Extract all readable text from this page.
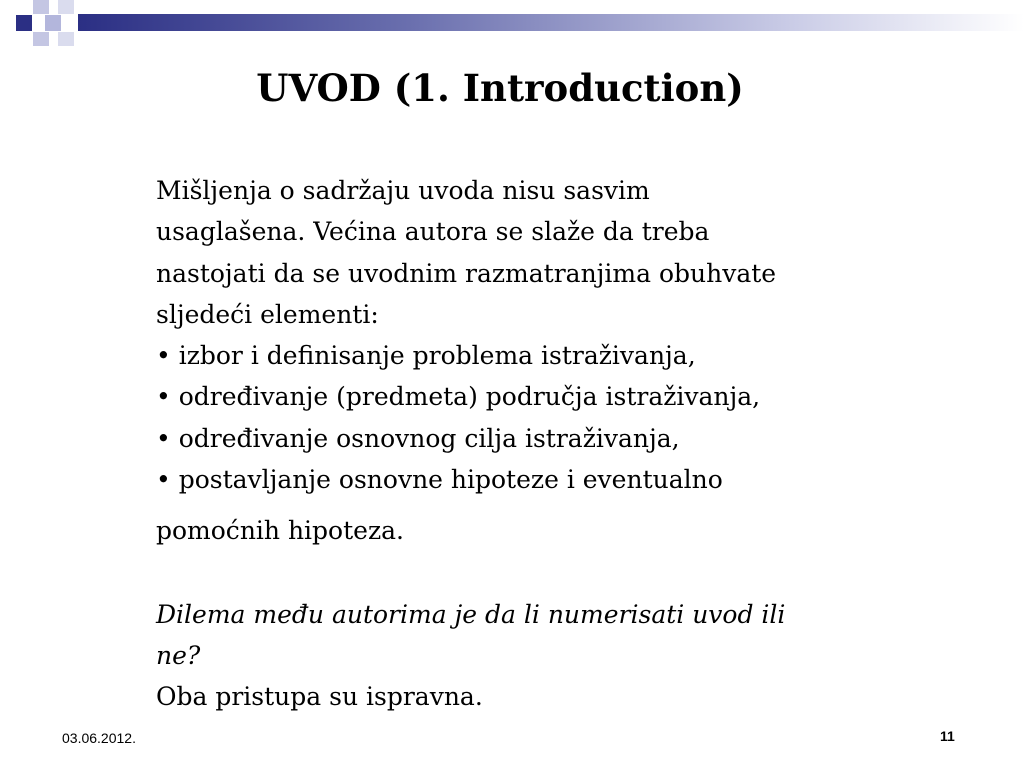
UVOD (1. Introduction)
Mišljenja o sadržaju uvoda nisu sasvim
usaglašena. Većina autora se slaže da treba
nastojati da se uvodnim razmatranjima obuhvate
sljedeći elementi:
• izbor i definisanje problema istraživanja,
• određivanje (predmeta) područja istraživanja,
• određivanje osnovnog cilja istraživanja,
• postavljanje osnovne hipoteze i eventualno
pomoćnih hipoteza.
Dilema među autorima je da li numerisati uvod ili
ne?
Oba pristupa su ispravna.
03.06.2012.	11
